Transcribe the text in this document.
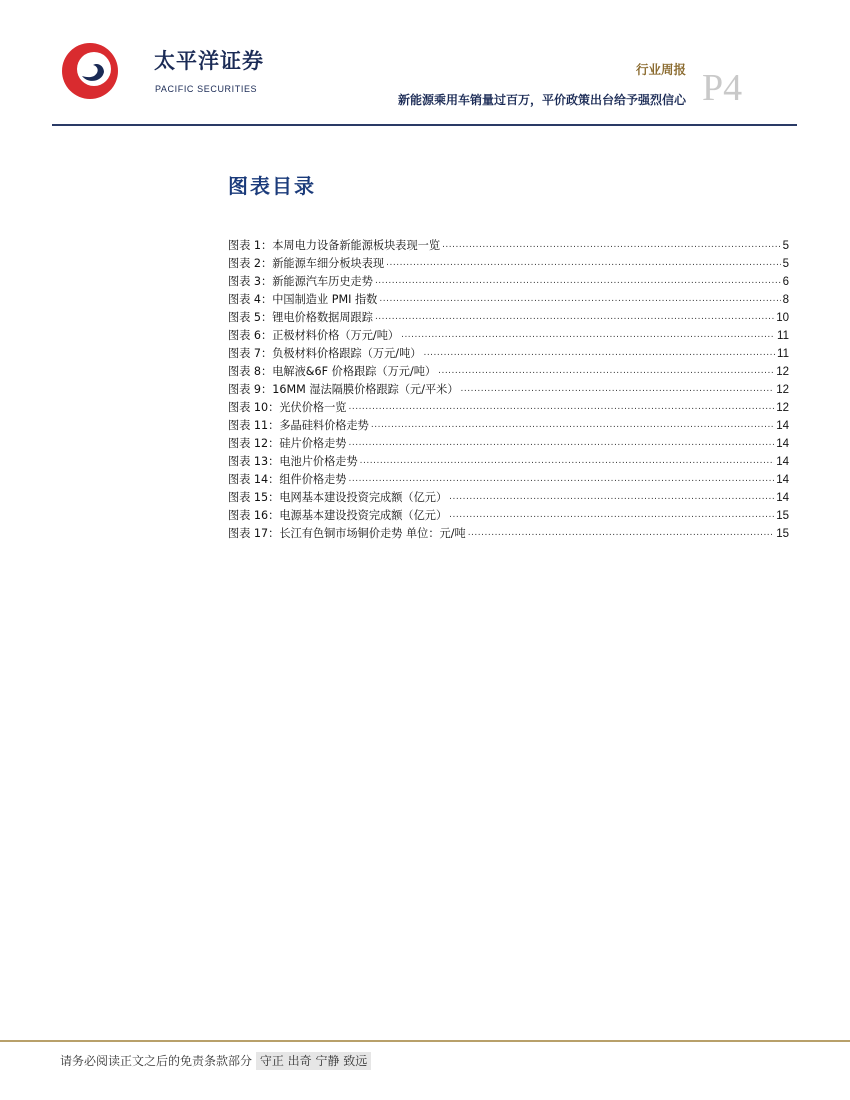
太平洋证券
PACIFIC SECURITIES
行业周报
新能源乘用车销量过百万，平价政策出台给予强烈信心 P4
图表目录
图表 1：本周电力设备新能源板块表现一览 .....	5
图表 2：新能源车细分板块表现 .....	5
图表 3：新能源汽车历史走势 .....	6
图表 4：中国制造业 PMI 指数 .....	8
图表 5：锂电价格数据周跟踪 .....	10
图表 6：正极材料价格（万元/吨） .....	11
图表 7：负极材料价格跟踪（万元/吨） .....	11
图表 8：电解液&6F 价格跟踪（万元/吨） .....	12
图表 9：16MM 湿法隔膜价格跟踪（元/平米） .....	12
图表 10：光伏价格一览 .....	12
图表 11：多晶硅料价格走势 .....	14
图表 12：硅片价格走势 .....	14
图表 13：电池片价格走势 .....	14
图表 14：组件价格走势 .....	14
图表 15：电网基本建设投资完成额（亿元） .....	14
图表 16：电源基本建设投资完成额（亿元） .....	15
图表 17：长江有色铜市场铜价走势 单位：元/吨 .....	15
请务必阅读正文之后的免责条款部分 守正 出奇 宁静 致远
